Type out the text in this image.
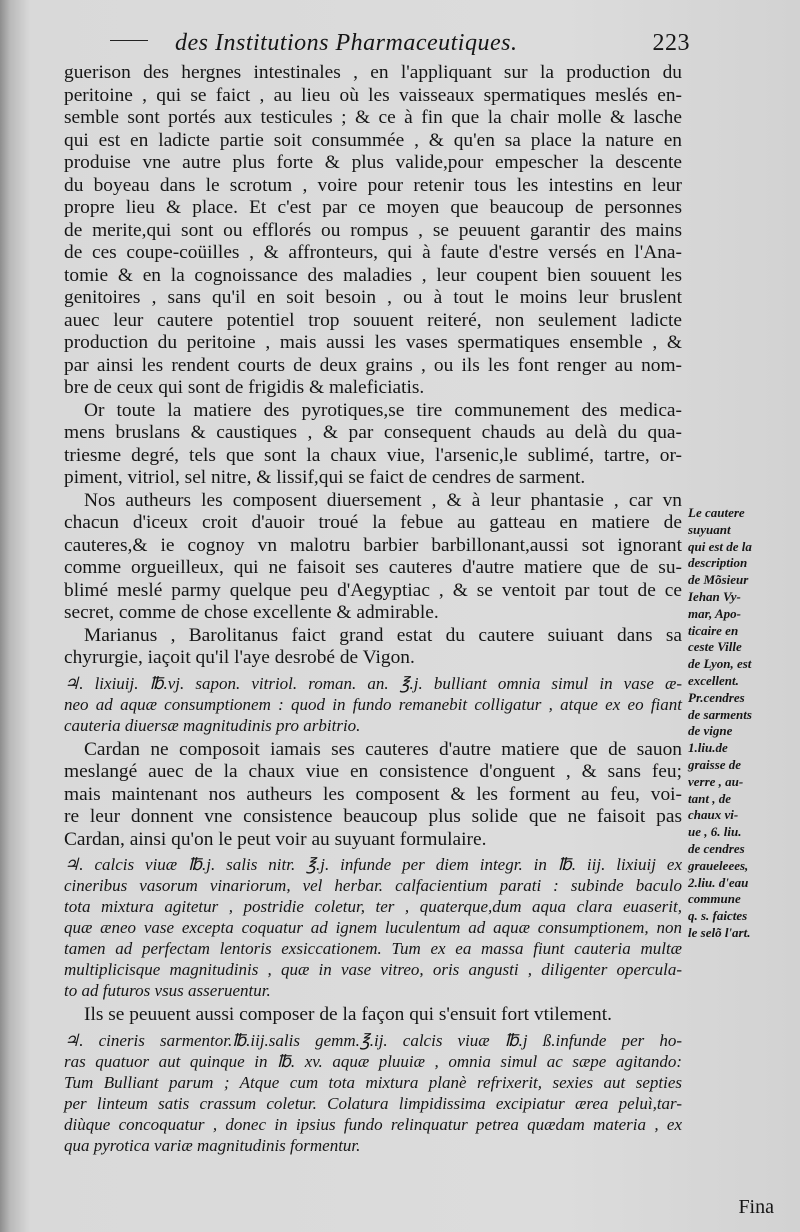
des Institutions Pharmaceutiques.	223
guerison des hergnes intestinales , en l'appliquant sur la production du
peritoine , qui se faict , au lieu où les vaisseaux spermatiques meslés en-
semble sont portés aux testicules ; & ce à fin que la chair molle & lasche
qui est en ladicte partie soit consummée , & qu'en sa place la nature en
produise vne autre plus forte & plus valide,pour empescher la descente
du boyeau dans le scrotum , voire pour retenir tous les intestins en leur
propre lieu & place. Et c'est par ce moyen que beaucoup de personnes
de merite,qui sont ou efflorés ou rompus , se peuuent garantir des mains
de ces coupe-coüilles , & affronteurs, qui à faute d'estre versés en l'Ana-
tomie & en la cognoissance des maladies , leur coupent bien souuent les
genitoires , sans qu'il en soit besoin , ou à tout le moins leur bruslent
auec leur cautere potentiel trop souuent reiteré, non seulement ladicte
production du peritoine , mais aussi les vases spermatiques ensemble , &
par ainsi les rendent courts de deux grains , ou ils les font renger au nom-
bre de ceux qui sont de frigidis & maleficiatis.
Or toute la matiere des pyrotiques,se tire communement des medica-
mens bruslans & caustiques , & par consequent chauds au delà du qua-
triesme degré, tels que sont la chaux viue, l'arsenic,le sublimé, tartre, or-
piment, vitriol, sel nitre, & lissif,qui se faict de cendres de sarment.
Nos autheurs les composent diuersement , & à leur phantasie , car vn
chacun d'iceux croit d'auoir troué la febue au gatteau en matiere de
cauteres,& ie cognoy vn malotru barbier barbillonant,aussi sot ignorant
comme orgueilleux, qui ne faisoit ses cauteres d'autre matiere que de su-
blimé meslé parmy quelque peu d'Aegyptiac , & se ventoit par tout de ce
secret, comme de chose excellente & admirable.
Marianus , Barolitanus faict grand estat du cautere suiuant dans sa
chyrurgie, iaçoit qu'il l'aye desrobé de Vigon.
♃. lixiuij. ℔.vj. sapon. vitriol. roman. an. ℥.j. bulliant omnia simul in vase æ-
neo ad aquæ consumptionem : quod in fundo remanebit colligatur , atque ex eo fiant
cauteria diuersæ magnitudinis pro arbitrio.
Cardan ne composoit iamais ses cauteres d'autre matiere que de sauon
meslangé auec de la chaux viue en consistence d'onguent , & sans feu;
mais maintenant nos autheurs les composent & les forment au feu, voi-
re leur donnent vne consistence beaucoup plus solide que ne faisoit pas
Cardan, ainsi qu'on le peut voir au suyuant formulaire.
♃. calcis viuæ ℔.j. salis nitr. ℥.j. infunde per diem integr. in ℔. iij. lixiuij ex
cineribus vasorum vinariorum, vel herbar. calfacientium parati : subinde baculo
tota mixtura agitetur , postridie coletur, ter , quaterque,dum aqua clara euaserit,
quæ æneo vase excepta coquatur ad ignem luculentum ad aquæ consumptionem, non
tamen ad perfectam lentoris exsiccationem. Tum ex ea massa fiunt cauteria multæ
multiplicisque magnitudinis , quæ in vase vitreo, oris angusti , diligenter opercula-
to ad futuros vsus asseruentur.
Ils se peuuent aussi composer de la façon qui s'ensuit fort vtilement.
♃. cineris sarmentor.℔.iij.salis gemm.℥.ij. calcis viuæ ℔.j ß.infunde per ho-
ras quatuor aut quinque in ℔. xv. aquæ pluuiæ , omnia simul ac sæpe agitando:
Tum Bulliant parum ; Atque cum tota mixtura planè refrixerit, sexies aut septies
per linteum satis crassum coletur. Colatura limpidissima excipiatur ærea peluì,tar-
diùque concoquatur , donec in ipsius fundo relinquatur petrea quædam materia , ex
qua pyrotica variæ magnitudinis formentur.
Le cautere
suyuant
qui est de la
description
de Mõsieur
Iehan Vy-
mar, Apo-
ticaire en
ceste Ville
de Lyon, est
excellent.
Pr.cendres
de sarments
de vigne
1.liu.de
graisse de
verre , au-
tant , de
chaux vi-
ue , 6. liu.
de cendres
graueleees,
2.liu. d'eau
commune
q. s. faictes
le selõ l'art.
Fina
